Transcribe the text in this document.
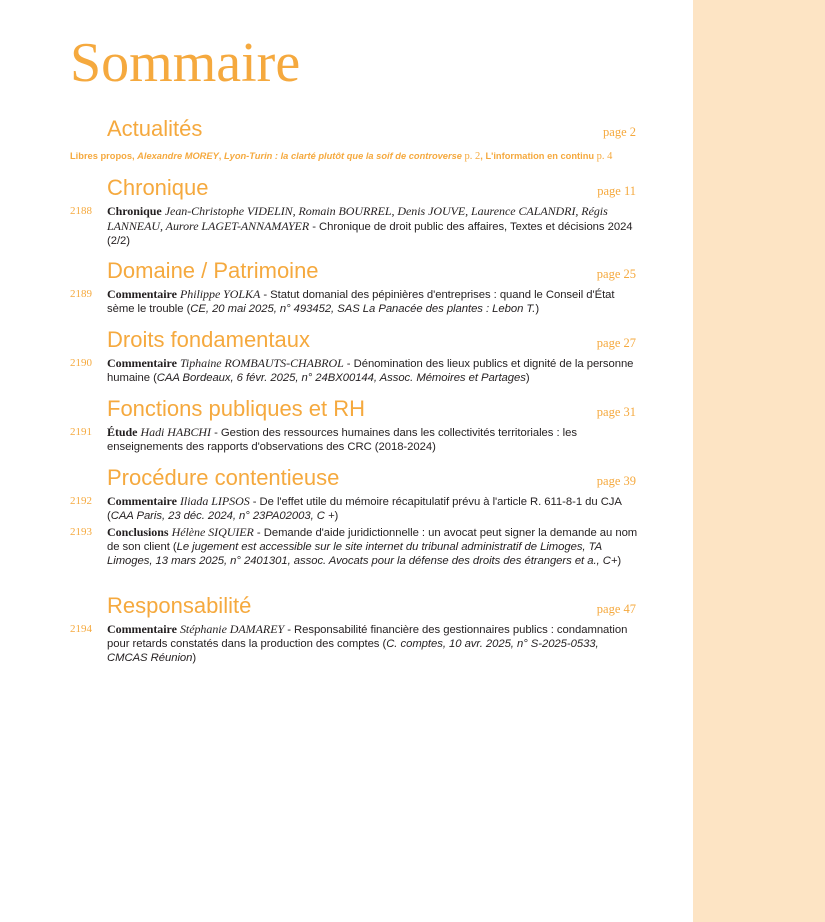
Sommaire
Actualités	page 2
Libres propos, Alexandre MOREY, Lyon-Turin : la clarté plutôt que la soif de controverse p. 2, L'information en continu p. 4
Chronique	page 11
2188	Chronique Jean-Christophe VIDELIN, Romain BOURREL, Denis JOUVE, Laurence CALANDRI, Régis LANNEAU, Aurore LAGET-ANNAMAYER - Chronique de droit public des affaires, Textes et décisions 2024 (2/2)
Domaine / Patrimoine	page 25
2189	Commentaire Philippe YOLKA - Statut domanial des pépinières d'entreprises : quand le Conseil d'État sème le trouble (CE, 20 mai 2025, n° 493452, SAS La Panacée des plantes : Lebon T.)
Droits fondamentaux	page 27
2190	Commentaire Tiphaine ROMBAUTS-CHABROL - Dénomination des lieux publics et dignité de la personne humaine (CAA Bordeaux, 6 févr. 2025, n° 24BX00144, Assoc. Mémoires et Partages)
Fonctions publiques et RH	page 31
2191	Étude Hadi HABCHI - Gestion des ressources humaines dans les collectivités territoriales : les enseignements des rapports d'observations des CRC (2018-2024)
Procédure contentieuse	page 39
2192	Commentaire Iliada LIPSOS - De l'effet utile du mémoire récapitulatif prévu à l'article R. 611-8-1 du CJA (CAA Paris, 23 déc. 2024, n° 23PA02003, C +)
2193	Conclusions Hélène SIQUIER - Demande d'aide juridictionnelle : un avocat peut signer la demande au nom de son client (Le jugement est accessible sur le site internet du tribunal administratif de Limoges, TA Limoges, 13 mars 2025, n° 2401301, assoc. Avocats pour la défense des droits des étrangers et a., C+)
Responsabilité	page 47
2194	Commentaire Stéphanie DAMAREY - Responsabilité financière des gestionnaires publics : condamnation pour retards constatés dans la production des comptes (C. comptes, 10 avr. 2025, n° S-2025-0533, CMCAS Réunion)
